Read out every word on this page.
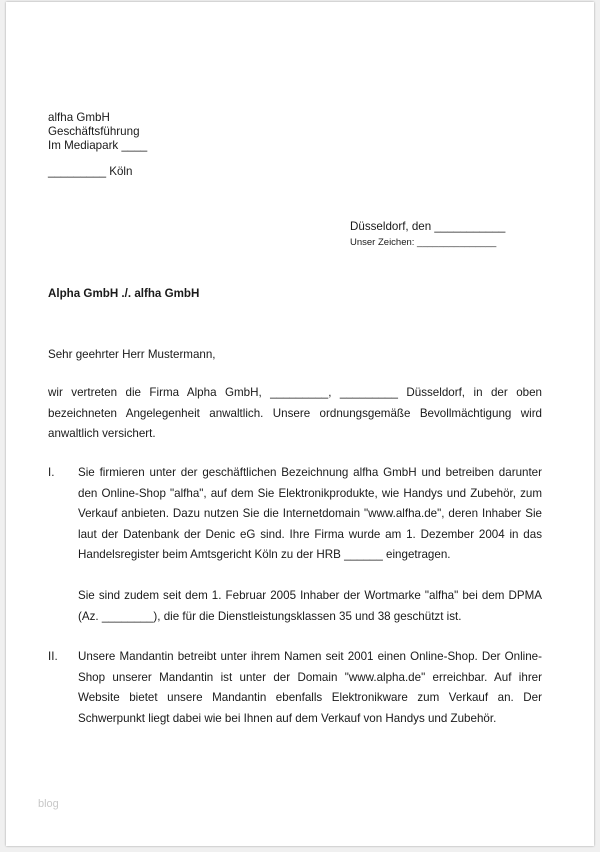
alfha GmbH
Geschäftsführung
Im Mediapark ____
_________ Köln
Düsseldorf, den ___________
Unser Zeichen: _______________
Alpha GmbH ./. alfha GmbH
Sehr geehrter Herr Mustermann,
wir vertreten die Firma Alpha GmbH, _________, _________ Düsseldorf, in der oben bezeichneten Angelegenheit anwaltlich. Unsere ordnungsgemäße Bevollmächtigung wird anwaltlich versichert.
I. Sie firmieren unter der geschäftlichen Bezeichnung alfha GmbH und betreiben darunter den Online-Shop "alfha", auf dem Sie Elektronikprodukte, wie Handys und Zubehör, zum Verkauf anbieten. Dazu nutzen Sie die Internetdomain "www.alfha.de", deren Inhaber Sie laut der Datenbank der Denic eG sind. Ihre Firma wurde am 1. Dezember 2004 in das Handelsregister beim Amtsgericht Köln zu der HRB ______ eingetragen.
Sie sind zudem seit dem 1. Februar 2005 Inhaber der Wortmarke "alfha" bei dem DPMA (Az. ________), die für die Dienstleistungsklassen 35 und 38 geschützt ist.
II. Unsere Mandantin betreibt unter ihrem Namen seit 2001 einen Online-Shop. Der Online-Shop unserer Mandantin ist unter der Domain "www.alpha.de" erreichbar. Auf ihrer Website bietet unsere Mandantin ebenfalls Elektronikware zum Verkauf an. Der Schwerpunkt liegt dabei wie bei Ihnen auf dem Verkauf von Handys und Zubehör.
blog
